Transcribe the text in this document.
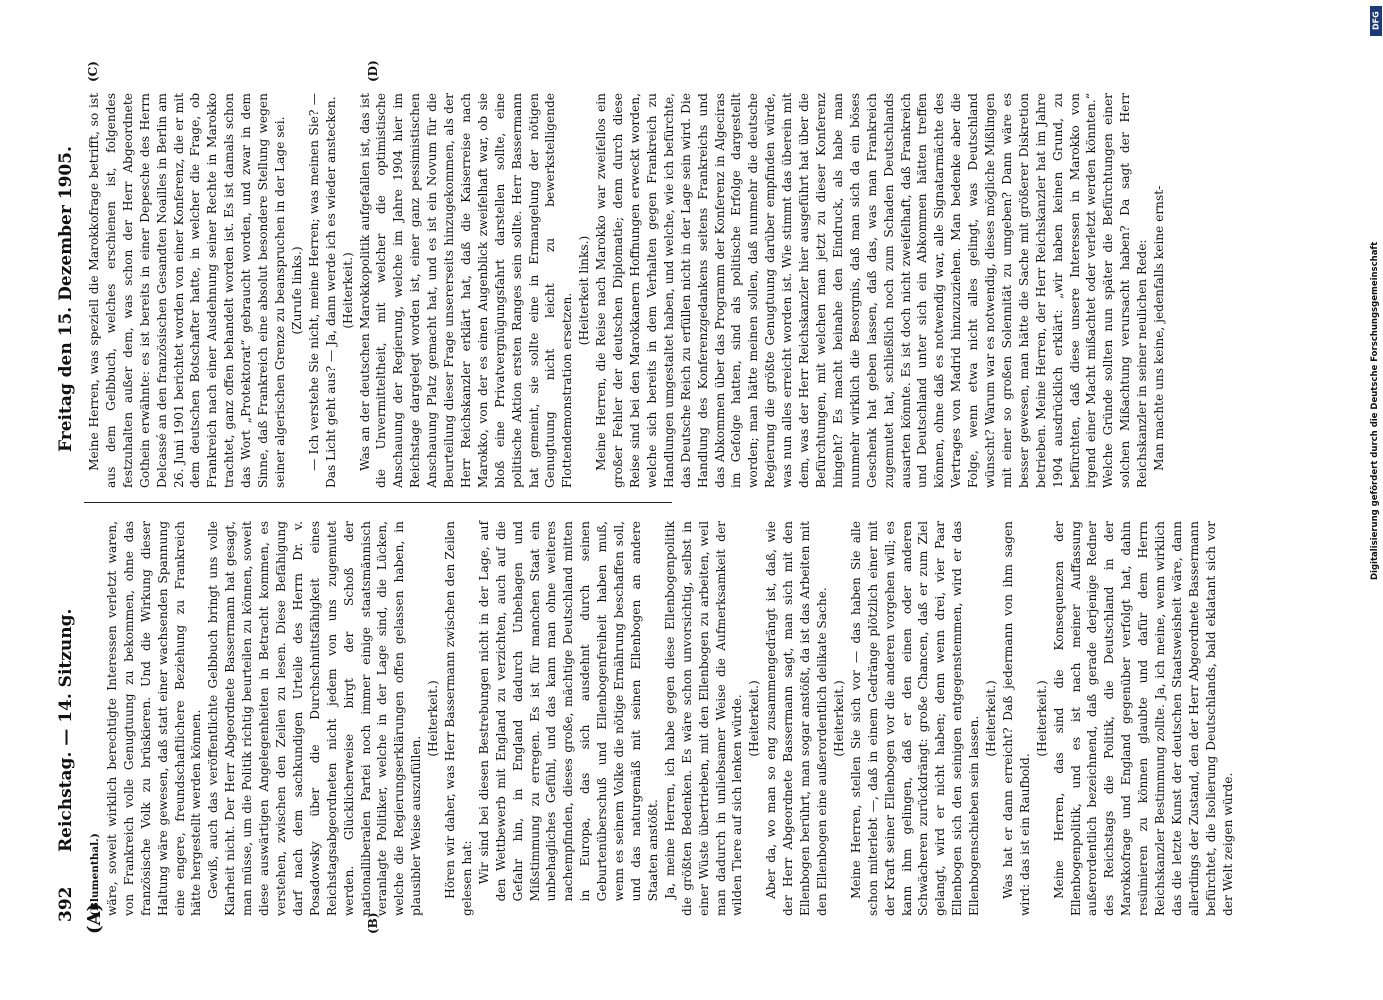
392
Reichstag. — 14. Sitzung.
Freitag den 15. Dezember 1905.
(A)	(B)
(C)	(D)

(Blumenthal.) wäre, soweit wirklich berechtigte Interessen verletzt waren, von Frankreich volle Genugtuung zu bekommen, ohne das französische Volk zu brüskieren. Und die Wirkung dieser Haltung wäre gewesen, daß statt einer wachsenden Spannung eine engere, freundschaftlichere Beziehung zu Frankreich hätte hergestellt werden können. Gewiß, auch das veröffentlichte Gelbbuch bringt uns volle Klarheit nicht. Der Herr Abgeordnete Bassermann hat gesagt, man müsse, um die Politik richtig beurteilen zu können, soweit diese auswärtigen Angelegenheiten in Betracht kommen, es verstehen, zwischen den Zeilen zu lesen. Diese Befähigung darf nach dem sachkundigen Urteile des Herrn Dr. v. Posadowsky über die Durchschnittsfähigkeit eines Reichstagsabgeordneten nicht jedem von uns zugemutet werden. Glücklicherweise birgt der Schoß der nationalliberalen Partei noch immer einige staatsmännisch veranlagte Politiker, welche in der Lage sind, die Lücken, welche die Regierungserklärungen offen gelassen haben, in plausibler Weise auszufüllen.

(Heiterkeit.) Hören wir daher, was Herr Bassermann zwischen den Zeilen gelesen hat: Wir sind bei diesen Bestrebungen nicht in der Lage, auf den Wettbewerb mit England zu verzichten, auch auf die Gefahr hin, in England dadurch Unbehagen und Mißstimmung zu erregen. Es ist für manchen Staat ein unbehagliches Gefühl, und das kann man ohne weiteres nachempfinden, dieses große, mächtige Deutschland mitten in Europa, das sich ausdehnt durch seinen Geburtenüberschuß und Ellenbogenfreiheit haben muß, wenn es seinem Volke die nötige Ernährung beschaffen soll, und das naturgemäß mit seinen Ellenbogen an andere Staaten anstößt. Ja, meine Herren, ich habe gegen diese Ellenbogenpolitik die größten Bedenken. Es wäre schon unvorsichtig, selbst in einer Wüste übertrieben, mit den Ellenbogen zu arbeiten, weil man dadurch in unliebsamer Weise die Aufmerksamkeit der wilden Tiere auf sich lenken würde. (Heiterkeit.) Aber da, wo man so eng zusammengedrängt ist, daß, wie der Herr Abgeordnete Bassermann sagt, man sich mit den Ellenbogen berührt, man sogar anstößt, da ist das Arbeiten mit den Ellenbogen eine außerordentlich delikate Sache. (Heiterkeit.) Meine Herren, stellen Sie sich vor — das haben Sie alle schon miterlebt —, daß in einem Gedränge plötzlich einer mit der Kraft seiner Ellenbogen vor die anderen vorgehen will; es kann ihm gelingen, daß er den einen oder anderen Schwächeren zurückdrängt: große Chancen, daß er zum Ziel gelangt, wird er nicht haben; denn wenn drei, vier Paar Ellenbogen sich den seinigen entgegenstemmen, wird er das Ellenbogenschieben sein lassen. (Heiterkeit.) Was hat er dann erreicht? Daß jedermann von ihm sagen wird: das ist ein Raufbold.

(Heiterkeit.) Meine Herren, das sind die Konsequenzen der Ellenbogenpolitik, und es ist nach meiner Auffassung außerordentlich bezeichnend, daß gerade derjenige Redner des Reichstags die Politik, die Deutschland in der Marokkofrage und England gegenüber verfolgt hat, dahin resümieren zu können glaubte und dafür dem Herrn Reichskanzler Bestimmung zollte. Ja, ich meine, wenn wirklich das die letzte Kunst der deutschen Staatsweisheit wäre, dann allerdings der Zustand, den der Herr Abgeordnete Bassermann befürchtet, die Isolierung Deutschlands, bald eklatant sich vor der Welt zeigen würde.

Meine Herren, was speziell die Marokkofrage betrifft, so ist aus dem Gelbbuch, welches erschienen ist, folgendes festzuhalten außer dem, was schon der Herr Abgeordnete Gothein erwähnte: es ist bereits in einer Depesche des Herrn Delcassé an den französischen Gesandten Noailles in Berlin am 26. Juni 1901 berichtet worden von einer Konferenz, die er mit dem deutschen Botschafter hatte, in welcher die Frage, ob Frankreich nach einer Ausdehnung seiner Rechte in Marokko trachtet, ganz offen behandelt worden ist. Es ist damals schon das Wort „Protektorat“ gebraucht worden, und zwar in dem Sinne, daß Frankreich eine absolut besondere Stellung wegen seiner algerischen Grenze zu beanspruchen in der Lage sei. (Zurufe links.) — Ich verstehe Sie nicht, meine Herren; was meinen Sie? — Das Licht geht aus? — Ja, dann werde ich es wieder anstecken. (Heiterkeit.) Was an der deutschen Marokkopolitik aufgefallen ist, das ist die Unvermitteltheit, mit welcher die optimistische Anschauung der Regierung, welche im Jahre 1904 hier im Reichstage dargelegt worden ist, einer ganz pessimistischen Anschauung Platz gemacht hat, und es ist ein Novum für die Beurteilung dieser Frage unsererseits hinzugekommen, als der Herr Reichskanzler erklärt hat, daß die Kaiserreise nach Marokko, von der es einen Augenblick zweifelhaft war, ob sie bloß eine Privatvergnügungsfahrt darstellen sollte, eine politische Aktion ersten Ranges sein sollte. Herr Bassermann hat gemeint, sie sollte eine in Ermangelung der nötigen Genugtuung nicht leicht zu bewerkstelligende Flottendemonstration ersetzen.

(Heiterkeit links.) Meine Herren, die Reise nach Marokko war zweifellos ein großer Fehler der deutschen Diplomatie; denn durch diese Reise sind bei den Marokkanern Hoffnungen erweckt worden, welche sich bereits in dem Verhalten gegen Frankreich zu Handlungen umgestaltet haben, und welche, wie ich befürchte, das Deutsche Reich zu erfüllen nicht in der Lage sein wird. Die Handlung des Konferenzgedankens seitens Frankreichs und das Abkommen über das Programm der Konferenz in Algeciras im Gefolge hatten, sind als politische Erfolge dargestellt worden; man hätte meinen sollen, daß nunmehr die deutsche Regierung die größte Genugtuung darüber empfinden würde, was nun alles erreicht worden ist. Wie stimmt das überein mit dem, was der Herr Reichskanzler hier ausgeführt hat über die Befürchtungen, mit welchen man jetzt zu dieser Konferenz hingeht? Es macht beinahe den Eindruck, als habe man nunmehr wirklich die Besorgnis, daß man sich da ein böses Geschenk hat geben lassen, daß das, was man Frankreich zugemutet hat, schließlich noch zum Schaden Deutschlands ausarten könnte. Es ist doch nicht zweifelhaft, daß Frankreich und Deutschland unter sich ein Abkommen hätten treffen können, ohne daß es notwendig war, alle Signatarmächte des Vertrages von Madrid hinzuzuziehen. Man bedenke aber die Folge, wenn etwa nicht alles gelingt, was Deutschland wünscht? Warum war es notwendig, dieses mögliche Mißlingen mit einer so großen Solennität zu umgeben? Dann wäre es besser gewesen, man hätte die Sache mit größerer Diskretion betrieben. Meine Herren, der Herr Reichskanzler hat im Jahre 1904 ausdrücklich erklärt: „wir haben keinen Grund, zu befürchten, daß diese unsere Interessen in Marokko von irgend einer Macht mißachtet oder verletzt werden könnten.“ Welche Gründe sollten nun später die Befürchtungen einer solchen Mißachtung verursacht haben? Da sagt der Herr Reichskanzler in seiner neulichen Rede: Man machte uns keine, jedenfalls keine ernst-

DFG
Digitalisierung gefördert durch die Deutsche Forschungsgemeinschaft
